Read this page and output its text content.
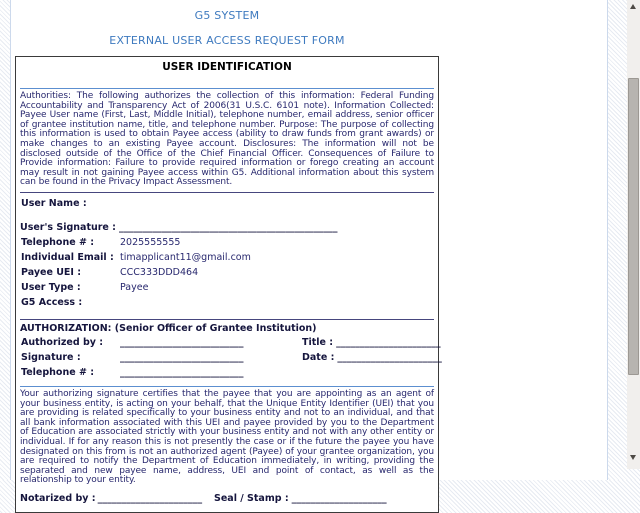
G5 SYSTEM
EXTERNAL USER ACCESS REQUEST FORM
USER IDENTIFICATION

Authorities: The following authorizes the collection of this information: Federal Funding Accountability and Transparency Act of 2006(31 U.S.C. 6101 note). Information Collected: Payee User name (First, Last, Middle Initial), telephone number, email address, senior officer of grantee institution name, title, and telephone number. Purpose: The purpose of collecting this information is used to obtain Payee access (ability to draw funds from grant awards) or make changes to an existing Payee account. Disclosures: The information will not be disclosed outside of the Office of the Chief Financial Officer. Consequences of Failure to Provide information: Failure to provide required information or forego creating an account may result in not gaining Payee access within G5. Additional information about this system can be found in the Privacy Impact Assessment.

User Name :
User's Signature : ______________________________________________
Telephone # :	2025555555
Individual Email : timapplicant11@gmail.com
Payee UEI :	CCC333DDD464
User Type :	Payee
G5 Access :
AUTHORIZATION: (Senior Officer of Grantee Institution)
Authorized by : __________________________	Title : ______________________
Signature :	__________________________	Date : ______________________
Telephone # :	__________________________

Your authorizing signature certifies that the payee that you are appointing as an agent of your business entity, is acting on your behalf, that the Unique Entity Identifier (UEI) that you are providing is related specifically to your business entity and not to an individual, and that all bank information associated with this UEI and payee provided by you to the Department of Education are associated strictly with your business entity and not with any other entity or individual. If for any reason this is not presently the case or if the future the payee you have designated on this from is not an authorized agent (Payee) of your grantee organization, you are required to notify the Department of Education immediately, in writing, providing the separated and new payee name, address, UEI and point of contact, as well as the relationship to your entity.

Notarized by : ______________________ Seal / Stamp : ____________________
